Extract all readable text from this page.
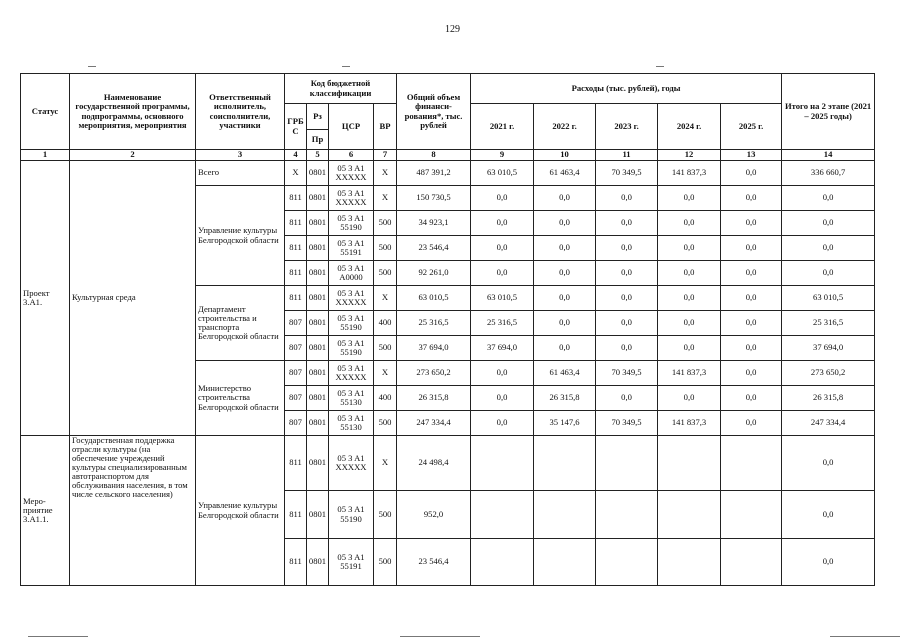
129
Статус	Наименование государственной программы, подпрограммы, основного мероприятия, мероприятия	Ответственный исполнитель, соисполнители, участники	Код бюджетной классификации				Общий объем финанси-рования*, тыс. рублей	Расходы (тыс. рублей), годы					Итого на 2 этапе (2021 – 2025 годы)
			ГРБ С	Рз	ЦСР	ВР		2021 г.	2022 г.	2023 г.	2024 г.	2025 г.	
				Пр									
1	2	3	4	5	6	7	8	9	10	11	12	13	14
Проект 3.А1.	Культурная среда	Всего	Х	0801	05 3 A1 XXXXX	Х	487 391,2	63 010,5	61 463,4	70 349,5	141 837,3	0,0	336 660,7
		Управление культуры Белгородской области	811	0801	05 3 A1 XXXXX	Х	150 730,5	0,0	0,0	0,0	0,0	0,0	0,0
			811	0801	05 3 A1 55190	500	34 923,1	0,0	0,0	0,0	0,0	0,0	0,0
			811	0801	05 3 A1 55191	500	23 546,4	0,0	0,0	0,0	0,0	0,0	0,0
			811	0801	05 3 A1 A0000	500	92 261,0	0,0	0,0	0,0	0,0	0,0	0,0
		Департамент строительства и транспорта Белгородской области	811	0801	05 3 A1 XXXXX	Х	63 010,5	63 010,5	0,0	0,0	0,0	0,0	63 010,5
			807	0801	05 3 A1 55190	400	25 316,5	25 316,5	0,0	0,0	0,0	0,0	25 316,5
			807	0801	05 3 A1 55190	500	37 694,0	37 694,0	0,0	0,0	0,0	0,0	37 694,0
		Министерство строительства Белгородской области	807	0801	05 3 A1 XXXXX	Х	273 650,2	0,0	61 463,4	70 349,5	141 837,3	0,0	273 650,2
			807	0801	05 3 A1 55130	400	26 315,8	0,0	26 315,8	0,0	0,0	0,0	26 315,8
			807	0801	05 3 A1 55130	500	247 334,4	0,0	35 147,6	70 349,5	141 837,3	0,0	247 334,4
Меро-приятие 3.А1.1.	Государственная поддержка отрасли культуры (на обеспечение учреждений культуры специализированным автотранспортом для обслуживания населения, в том числе сельского населения)	Управление культуры Белгородской области	811	0801	05 3 A1 XXXXX	Х	24 498,4						0,0
			811	0801	05 3 A1 55190	500	952,0						0,0
			811	0801	05 3 A1 55191	500	23 546,4						0,0
